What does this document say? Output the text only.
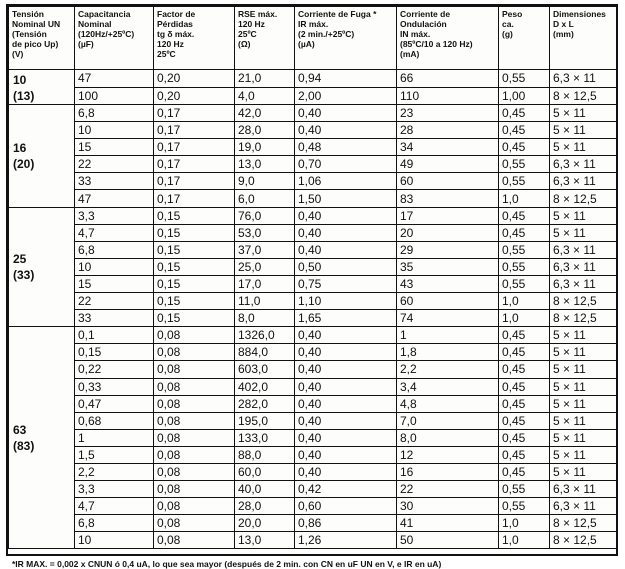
Tensión
Nominal UN
(Tensión
de pico Up)
(V)	Capacitancia
Nominal
(120Hz/+25ºC)
(µF)	Factor de
Pérdidas
tg δ máx.
120 Hz
25ºC	RSE máx.
120 Hz
25ºC
(Ω)	Corriente de Fuga *
IR máx.
(2 min./+25ºC)
(µA)	Corriente de
Ondulación
IN máx.
(85ºC/10 a 120 Hz)
(mA)	Peso
ca.
(g)	Dimensiones
D x L
(mm)

10
(13)	47	0,20	21,0	0,94	66	0,55	6,3 × 11
	100	0,20	4,0	2,00	110	1,00	8 × 12,5

16
(20)	6,8	0,17	42,0	0,40	23	0,45	5 × 11
	10	0,17	28,0	0,40	28	0,45	5 × 11
	15	0,17	19,0	0,48	34	0,45	5 × 11
	22	0,17	13,0	0,70	49	0,55	6,3 × 11
	33	0,17	9,0	1,06	60	0,55	6,3 × 11
	47	0,17	6,0	1,50	83	1,0	8 × 12,5

25
(33)	3,3	0,15	76,0	0,40	17	0,45	5 × 11
	4,7	0,15	53,0	0,40	20	0,45	5 × 11
	6,8	0,15	37,0	0,40	29	0,55	6,3 × 11
	10	0,15	25,0	0,50	35	0,55	6,3 × 11
	15	0,15	17,0	0,75	43	0,55	6,3 × 11
	22	0,15	11,0	1,10	60	1,0	8 × 12,5
	33	0,15	8,0	1,65	74	1,0	8 × 12,5

63
(83)	0,1	0,08	1326,0	0,40	1	0,45	5 × 11
	0,15	0,08	884,0	0,40	1,8	0,45	5 × 11
	0,22	0,08	603,0	0,40	2,2	0,45	5 × 11
	0,33	0,08	402,0	0,40	3,4	0,45	5 × 11
	0,47	0,08	282,0	0,40	4,8	0,45	5 × 11
	0,68	0,08	195,0	0,40	7,0	0,45	5 × 11
	1	0,08	133,0	0,40	8,0	0,45	5 × 11
	1,5	0,08	88,0	0,40	12	0,45	5 × 11
	2,2	0,08	60,0	0,40	16	0,45	5 × 11
	3,3	0,08	40,0	0,42	22	0,55	6,3 × 11
	4,7	0,08	28,0	0,60	30	0,55	6,3 × 11
	6,8	0,08	20,0	0,86	41	1,0	8 × 12,5
	10	0,08	13,0	1,26	50	1,0	8 × 12,5
*IR MAX. = 0,002 x CNUN ó 0,4 uA, lo que sea mayor (después de 2 min. con CN en uF UN en V, e IR en uA)
